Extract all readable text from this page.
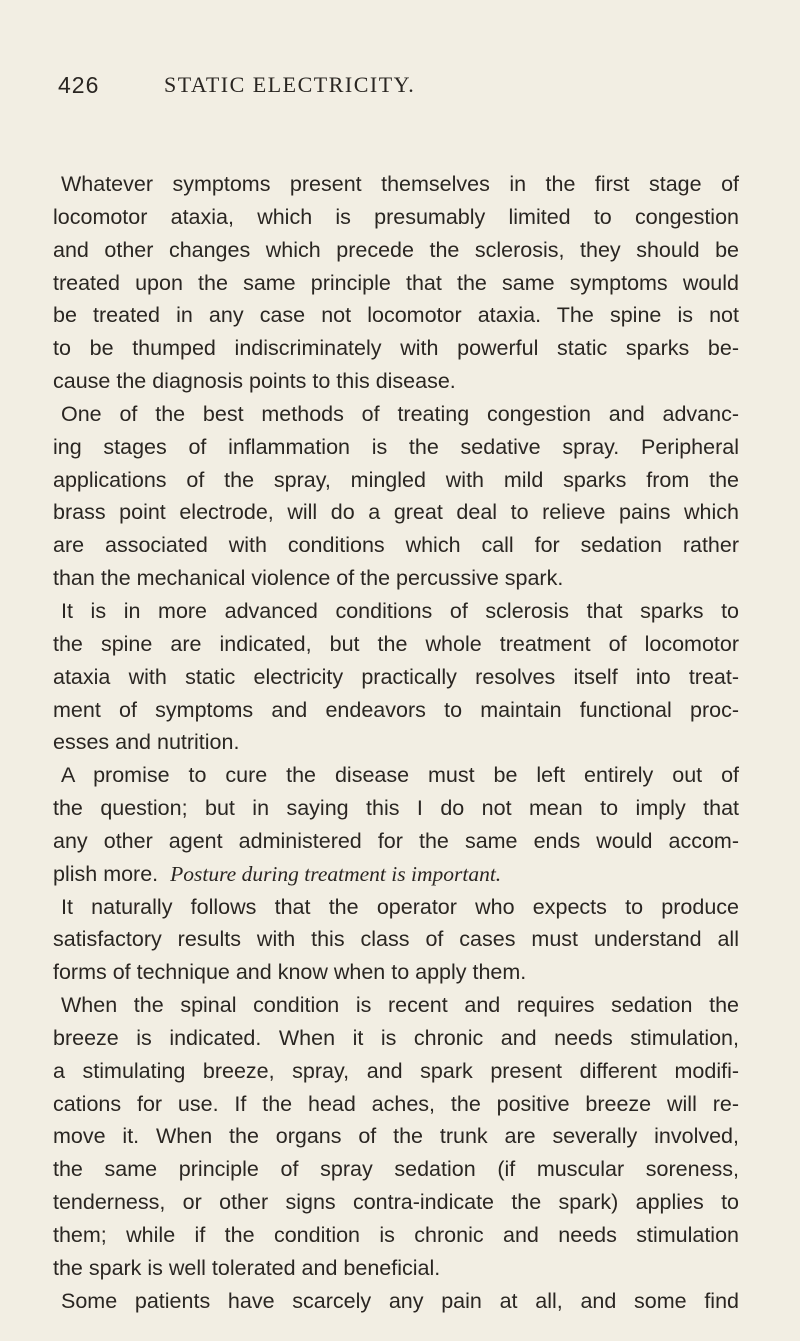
426	STATIC ELECTRICITY.
Whatever symptoms present themselves in the first stage of
locomotor ataxia, which is presumably limited to congestion
and other changes which precede the sclerosis, they should be
treated upon the same principle that the same symptoms would
be treated in any case not locomotor ataxia. The spine is not
to be thumped indiscriminately with powerful static sparks be-
cause the diagnosis points to this disease.
One of the best methods of treating congestion and advanc-
ing stages of inflammation is the sedative spray. Peripheral
applications of the spray, mingled with mild sparks from the
brass point electrode, will do a great deal to relieve pains which
are associated with conditions which call for sedation rather
than the mechanical violence of the percussive spark.
It is in more advanced conditions of sclerosis that sparks to
the spine are indicated, but the whole treatment of locomotor
ataxia with static electricity practically resolves itself into treat-
ment of symptoms and endeavors to maintain functional proc-
esses and nutrition.
A promise to cure the disease must be left entirely out of
the question; but in saying this I do not mean to imply that
any other agent administered for the same ends would accom-
plish more. Posture during treatment is important.
It naturally follows that the operator who expects to produce
satisfactory results with this class of cases must understand all
forms of technique and know when to apply them.
When the spinal condition is recent and requires sedation the
breeze is indicated. When it is chronic and needs stimulation,
a stimulating breeze, spray, and spark present different modifi-
cations for use. If the head aches, the positive breeze will re-
move it. When the organs of the trunk are severally involved,
the same principle of spray sedation (if muscular soreness,
tenderness, or other signs contra-indicate the spark) applies to
them; while if the condition is chronic and needs stimulation
the spark is well tolerated and beneficial.
Some patients have scarcely any pain at all, and some find
